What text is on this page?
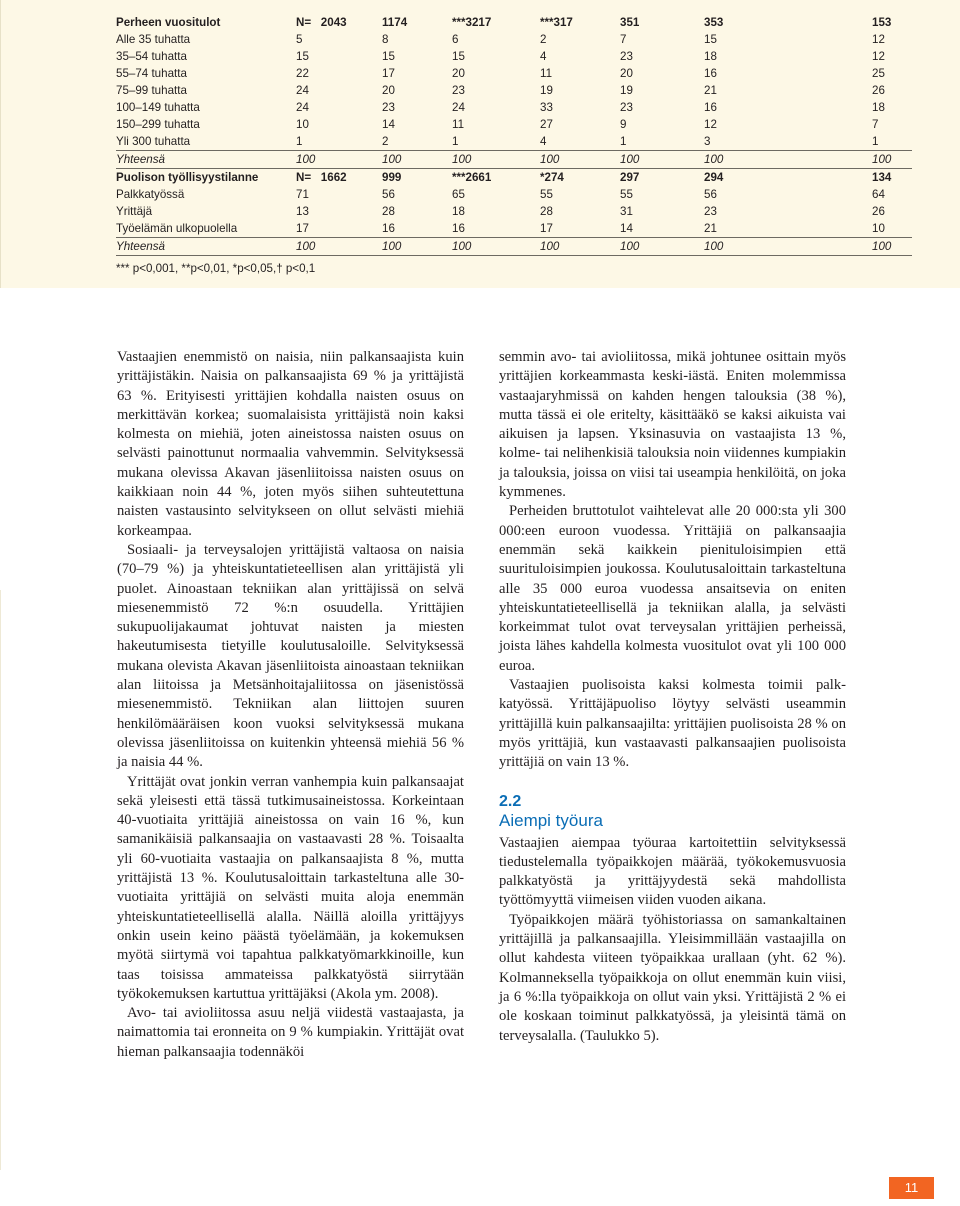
Perheen vuositulot	N=   2043	1174	***3217	***317	351	353	153
Alle 35 tuhatta	5	8	6	2	7	15	12
35–54 tuhatta	15	15	15	4	23	18	12
55–74 tuhatta	22	17	20	11	20	16	25
75–99 tuhatta	24	20	23	19	19	21	26
100–149 tuhatta	24	23	24	33	23	16	18
150–299 tuhatta	10	14	11	27	9	12	7
Yli 300 tuhatta	1	2	1	4	1	3	1
Yhteensä	100	100	100	100	100	100	100
Puolison työllisyystilanne	N=   1662	999	***2661	*274	297	294	134
Palkkatyössä	71	56	65	55	55	56	64
Yrittäjä	13	28	18	28	31	23	26
Työelämän ulkopuolella	17	16	16	17	14	21	10
Yhteensä	100	100	100	100	100	100	100
*** p<0,001, **p<0,01, *p<0,05,† p<0,1

Vastaajien enemmistö on naisia, niin palkansaajista kuin yrittäjistäkin. Naisia on palkansaajista 69 % ja yrittäjistä 63 %. Erityisesti yrittäjien kohdalla naisten osuus on merkittävän korkea; suomalaisista yrittäjistä noin kaksi kolmesta on miehiä, joten aineistossa naisten osuus on selvästi painottunut normaalia vahvemmin. Selvityksessä mukana olevissa Akavan jäsenliitoissa naisten osuus on kaikkiaan noin 44 %, joten myös siihen suhteutettuna naisten vastausinto selvitykseen on ollut selvästi miehiä korkeampaa.

Sosiaali- ja terveysalojen yrittäjistä valtaosa on naisia (70–79 %) ja yhteiskuntatieteellisen alan yrittäjistä yli puolet. Ainoastaan tekniikan alan yrittäjissä on selvä miesenemmistö 72 %:n osuudella. Yrittäjien sukupuolijakaumat johtuvat naisten ja miesten hakeutumisesta tietyille koulutusaloille. Selvityksessä mukana olevista Akavan jäsenliitoista ainoastaan tekniikan alan liitoissa ja Metsänhoitajaliitossa on jäsenistössä miesenemmistö. Tekniikan alan liittojen suuren henkilömääräisen koon vuoksi selvityksessä mukana olevissa jäsenliitoissa on kuitenkin yhteensä miehiä 56 % ja naisia 44 %.

Yrittäjät ovat jonkin verran vanhempia kuin palkansaajat sekä yleisesti että tässä tutkimusaineistossa. Korkeintaan 40-vuotiaita yrittäjiä aineistossa on vain 16 %, kun samanikäisiä palkansaajia on vastaavasti 28 %. Toisaalta yli 60-vuotiaita vastaajia on palkansaajista 8 %, mutta yrittäjistä 13 %. Koulutusaloittain tarkasteltuna alle 30-vuotiaita yrittäjiä on selvästi muita aloja enemmän yhteiskuntatieteellisellä alalla. Näillä aloilla yrittäjyys onkin usein keino päästä työelämään, ja kokemuksen myötä siirtymä voi tapahtua palkkatyömarkkinoille, kun taas toisissa ammateissa palkkatyöstä siirrytään työkokemuksen kartuttua yrittäjäksi (Akola ym. 2008).

Avo- tai avioliitossa asuu neljä viidestä vastaajasta, ja naimattomia tai eronneita on 9 % kumpiakin. Yrittäjät ovat hieman palkansaajia todennäköi

semmin avo- tai avioliitossa, mikä johtunee osittain myös yrittäjien korkeammasta keski-iästä. Eniten molemmissa vastaajaryhmissä on kahden hengen talouksia (38 %), mutta tässä ei ole eritelty, käsittääkö se kaksi aikuista vai aikuisen ja lapsen. Yksinasuvia on vastaajista 13 %, kolme- tai nelihenkisiä talouksia noin viidennes kumpiakin ja talouksia, joissa on viisi tai useampia henkilöitä, on joka kymmenes.

Perheiden bruttotulot vaihtelevat alle 20 000:sta yli 300 000:een euroon vuodessa. Yrittäjiä on palkansaajia enemmän sekä kaikkein pienituloisimpien että suurituloisimpien joukossa. Koulutusaloittain tarkasteltuna alle 35 000 euroa vuodessa ansaitsevia on eniten yhteiskuntatieteellisellä ja tekniikan alalla, ja selvästi korkeimmat tulot ovat terveysalan yrittäjien perheissä, joista lähes kahdella kolmesta vuositulot ovat yli 100 000 euroa.

Vastaajien puolisoista kaksi kolmesta toimii palkkatyössä. Yrittäjäpuoliso löytyy selvästi useammin yrittäjillä kuin palkansaajilta: yrittäjien puolisoista 28 % on myös yrittäjiä, kun vastaavasti palkansaajien puolisoista yrittäjiä on vain 13 %.

2.2
Aiempi työura

Vastaajien aiempaa työuraa kartoitettiin selvityksessä tiedustelemalla työpaikkojen määrää, työkokemusvuosia palkkatyöstä ja yrittäjyydestä sekä mahdollista työttömyyttä viimeisen viiden vuoden aikana.

Työpaikkojen määrä työhistoriassa on samankaltainen yrittäjillä ja palkansaajilla. Yleisimmillään vastaajilla on ollut kahdesta viiteen työpaikkaa urallaan (yht. 62 %). Kolmanneksella työpaikkoja on ollut enemmän kuin viisi, ja 6 %:lla työpaikkoja on ollut vain yksi. Yrittäjistä 2 % ei ole koskaan toiminut palkkatyössä, ja yleisintä tämä on terveysalalla. (Taulukko 5).

11
